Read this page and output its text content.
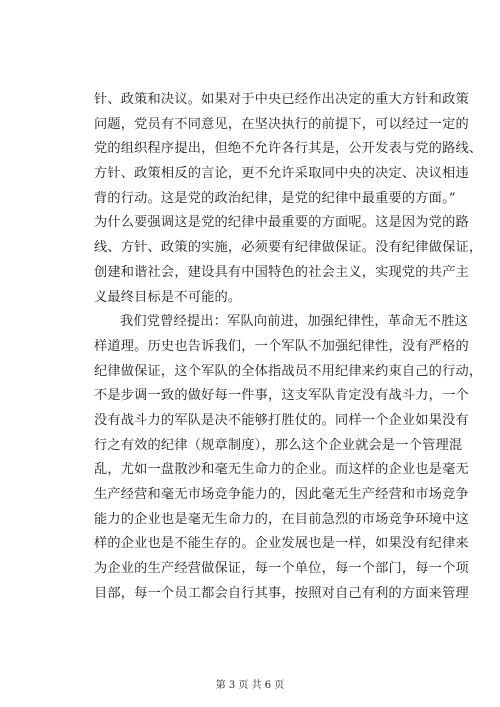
针、政策和决议。如果对于中央已经作出决定的重大方针和政策
问题，党员有不同意见，在坚决执行的前提下，可以经过一定的
党的组织程序提出，但绝不允许各行其是，公开发表与党的路线、
方针、政策相反的言论，更不允许采取同中央的决定、决议相违
背的行动。这是党的政治纪律，是党的纪律中最重要的方面。”
为什么要强调这是党的纪律中最重要的方面呢。这是因为党的路
线、方针、政策的实施，必须要有纪律做保证。没有纪律做保证，
创建和谐社会，建设具有中国特色的社会主义，实现党的共产主
义最终目标是不可能的。
我们党曾经提出：军队向前进，加强纪律性，革命无不胜这
样道理。历史也告诉我们，一个军队不加强纪律性，没有严格的
纪律做保证，这个军队的全体指战员不用纪律来约束自己的行动，
不是步调一致的做好每一件事，这支军队肯定没有战斗力，一个
没有战斗力的军队是决不能够打胜仗的。同样一个企业如果没有
行之有效的纪律（规章制度），那么这个企业就会是一个管理混
乱，尤如一盘散沙和毫无生命力的企业。而这样的企业也是毫无
生产经营和毫无市场竞争能力的，因此毫无生产经营和市场竞争
能力的企业也是毫无生命力的，在目前急烈的市场竞争环境中这
样的企业也是不能生存的。企业发展也是一样，如果没有纪律来
为企业的生产经营做保证，每一个单位，每一个部门，每一个项
目部，每一个员工都会自行其事，按照对自己有利的方面来管理
第 3 页 共 6 页
